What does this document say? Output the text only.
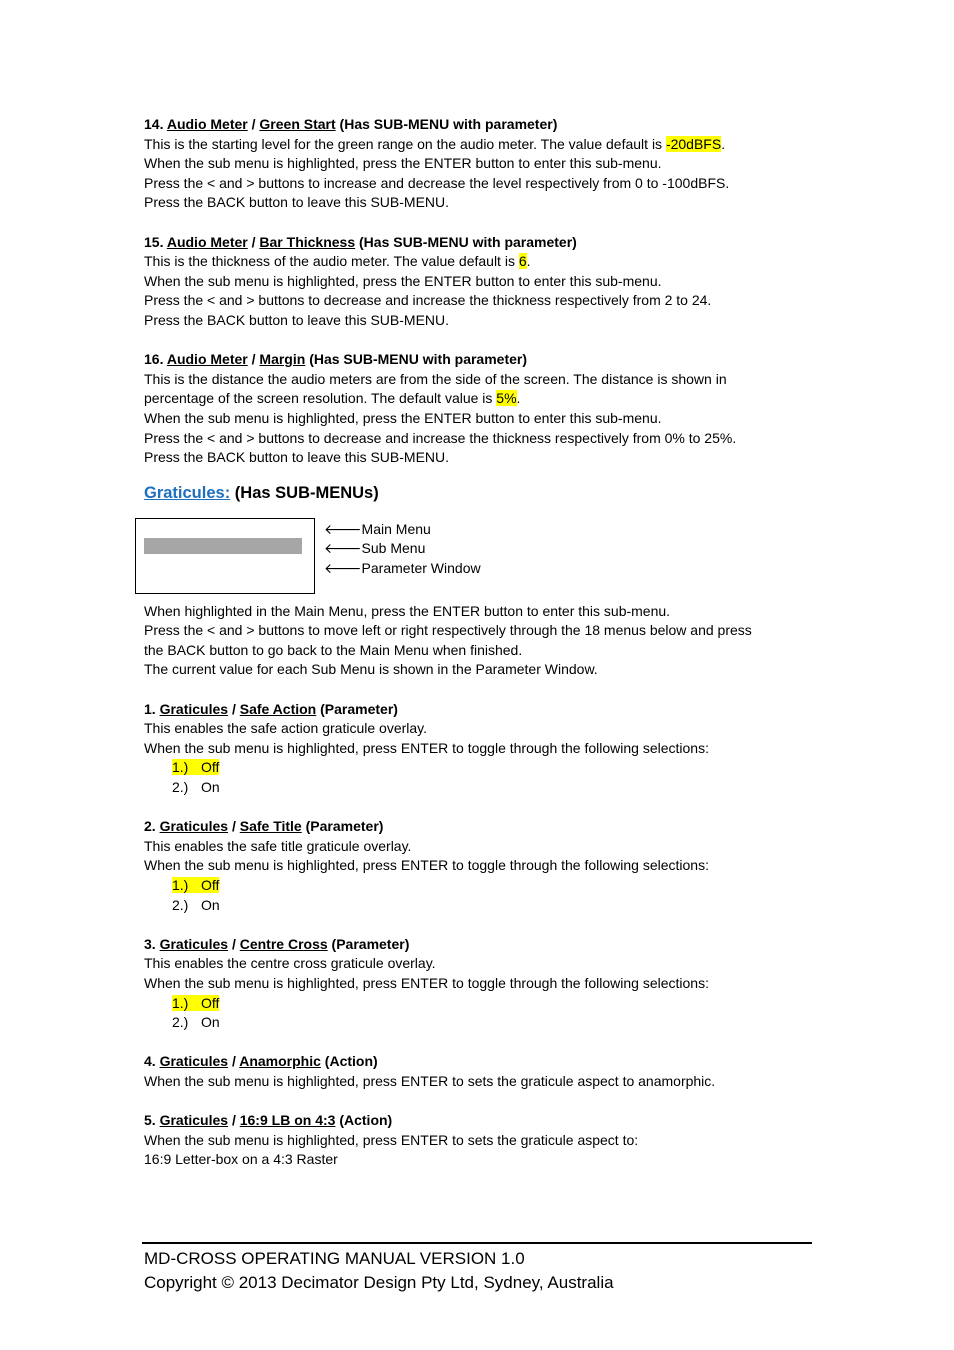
14. Audio Meter / Green Start (Has SUB-MENU with parameter)

This is the starting level for the green range on the audio meter. The value default is -20dBFS.

When the sub menu is highlighted, press the ENTER button to enter this sub-menu.

Press the < and > buttons to increase and decrease the level respectively from 0 to -100dBFS.

Press the BACK button to leave this SUB-MENU.

15. Audio Meter / Bar Thickness (Has SUB-MENU with parameter)

This is the thickness of the audio meter. The value default is 6.

When the sub menu is highlighted, press the ENTER button to enter this sub-menu.

Press the < and > buttons to decrease and increase the thickness respectively from 2 to 24.

Press the BACK button to leave this SUB-MENU.

16. Audio Meter / Margin (Has SUB-MENU with parameter)

This is the distance the audio meters are from the side of the screen. The distance is shown in

percentage of the screen resolution. The default value is 5%.

When the sub menu is highlighted, press the ENTER button to enter this sub-menu.

Press the < and > buttons to decrease and increase the thickness respectively from 0% to 25%.

Press the BACK button to leave this SUB-MENU.

Graticules: (Has SUB-MENUs)
🡐Main Menu
🡐Sub Menu
🡐Parameter Window

When highlighted in the Main Menu, press the ENTER button to enter this sub-menu.

Press the < and > buttons to move left or right respectively through the 18 menus below and press

the BACK button to go back to the Main Menu when finished.

The current value for each Sub Menu is shown in the Parameter Window.

1. Graticules / Safe Action (Parameter)

This enables the safe action graticule overlay.

When the sub menu is highlighted, press ENTER to toggle through the following selections:

1.) Off
2.) On

2. Graticules / Safe Title (Parameter)

This enables the safe title graticule overlay.

When the sub menu is highlighted, press ENTER to toggle through the following selections:

1.) Off
2.) On

3. Graticules / Centre Cross (Parameter)

This enables the centre cross graticule overlay.

When the sub menu is highlighted, press ENTER to toggle through the following selections:

1.) Off
2.) On

4. Graticules / Anamorphic (Action)

When the sub menu is highlighted, press ENTER to sets the graticule aspect to anamorphic.

5. Graticules / 16:9 LB on 4:3 (Action)

When the sub menu is highlighted, press ENTER to sets the graticule aspect to:

16:9 Letter-box on a 4:3 Raster

MD-CROSS OPERATING MANUAL VERSION 1.0
Copyright © 2013 Decimator Design Pty Ltd, Sydney, Australia
